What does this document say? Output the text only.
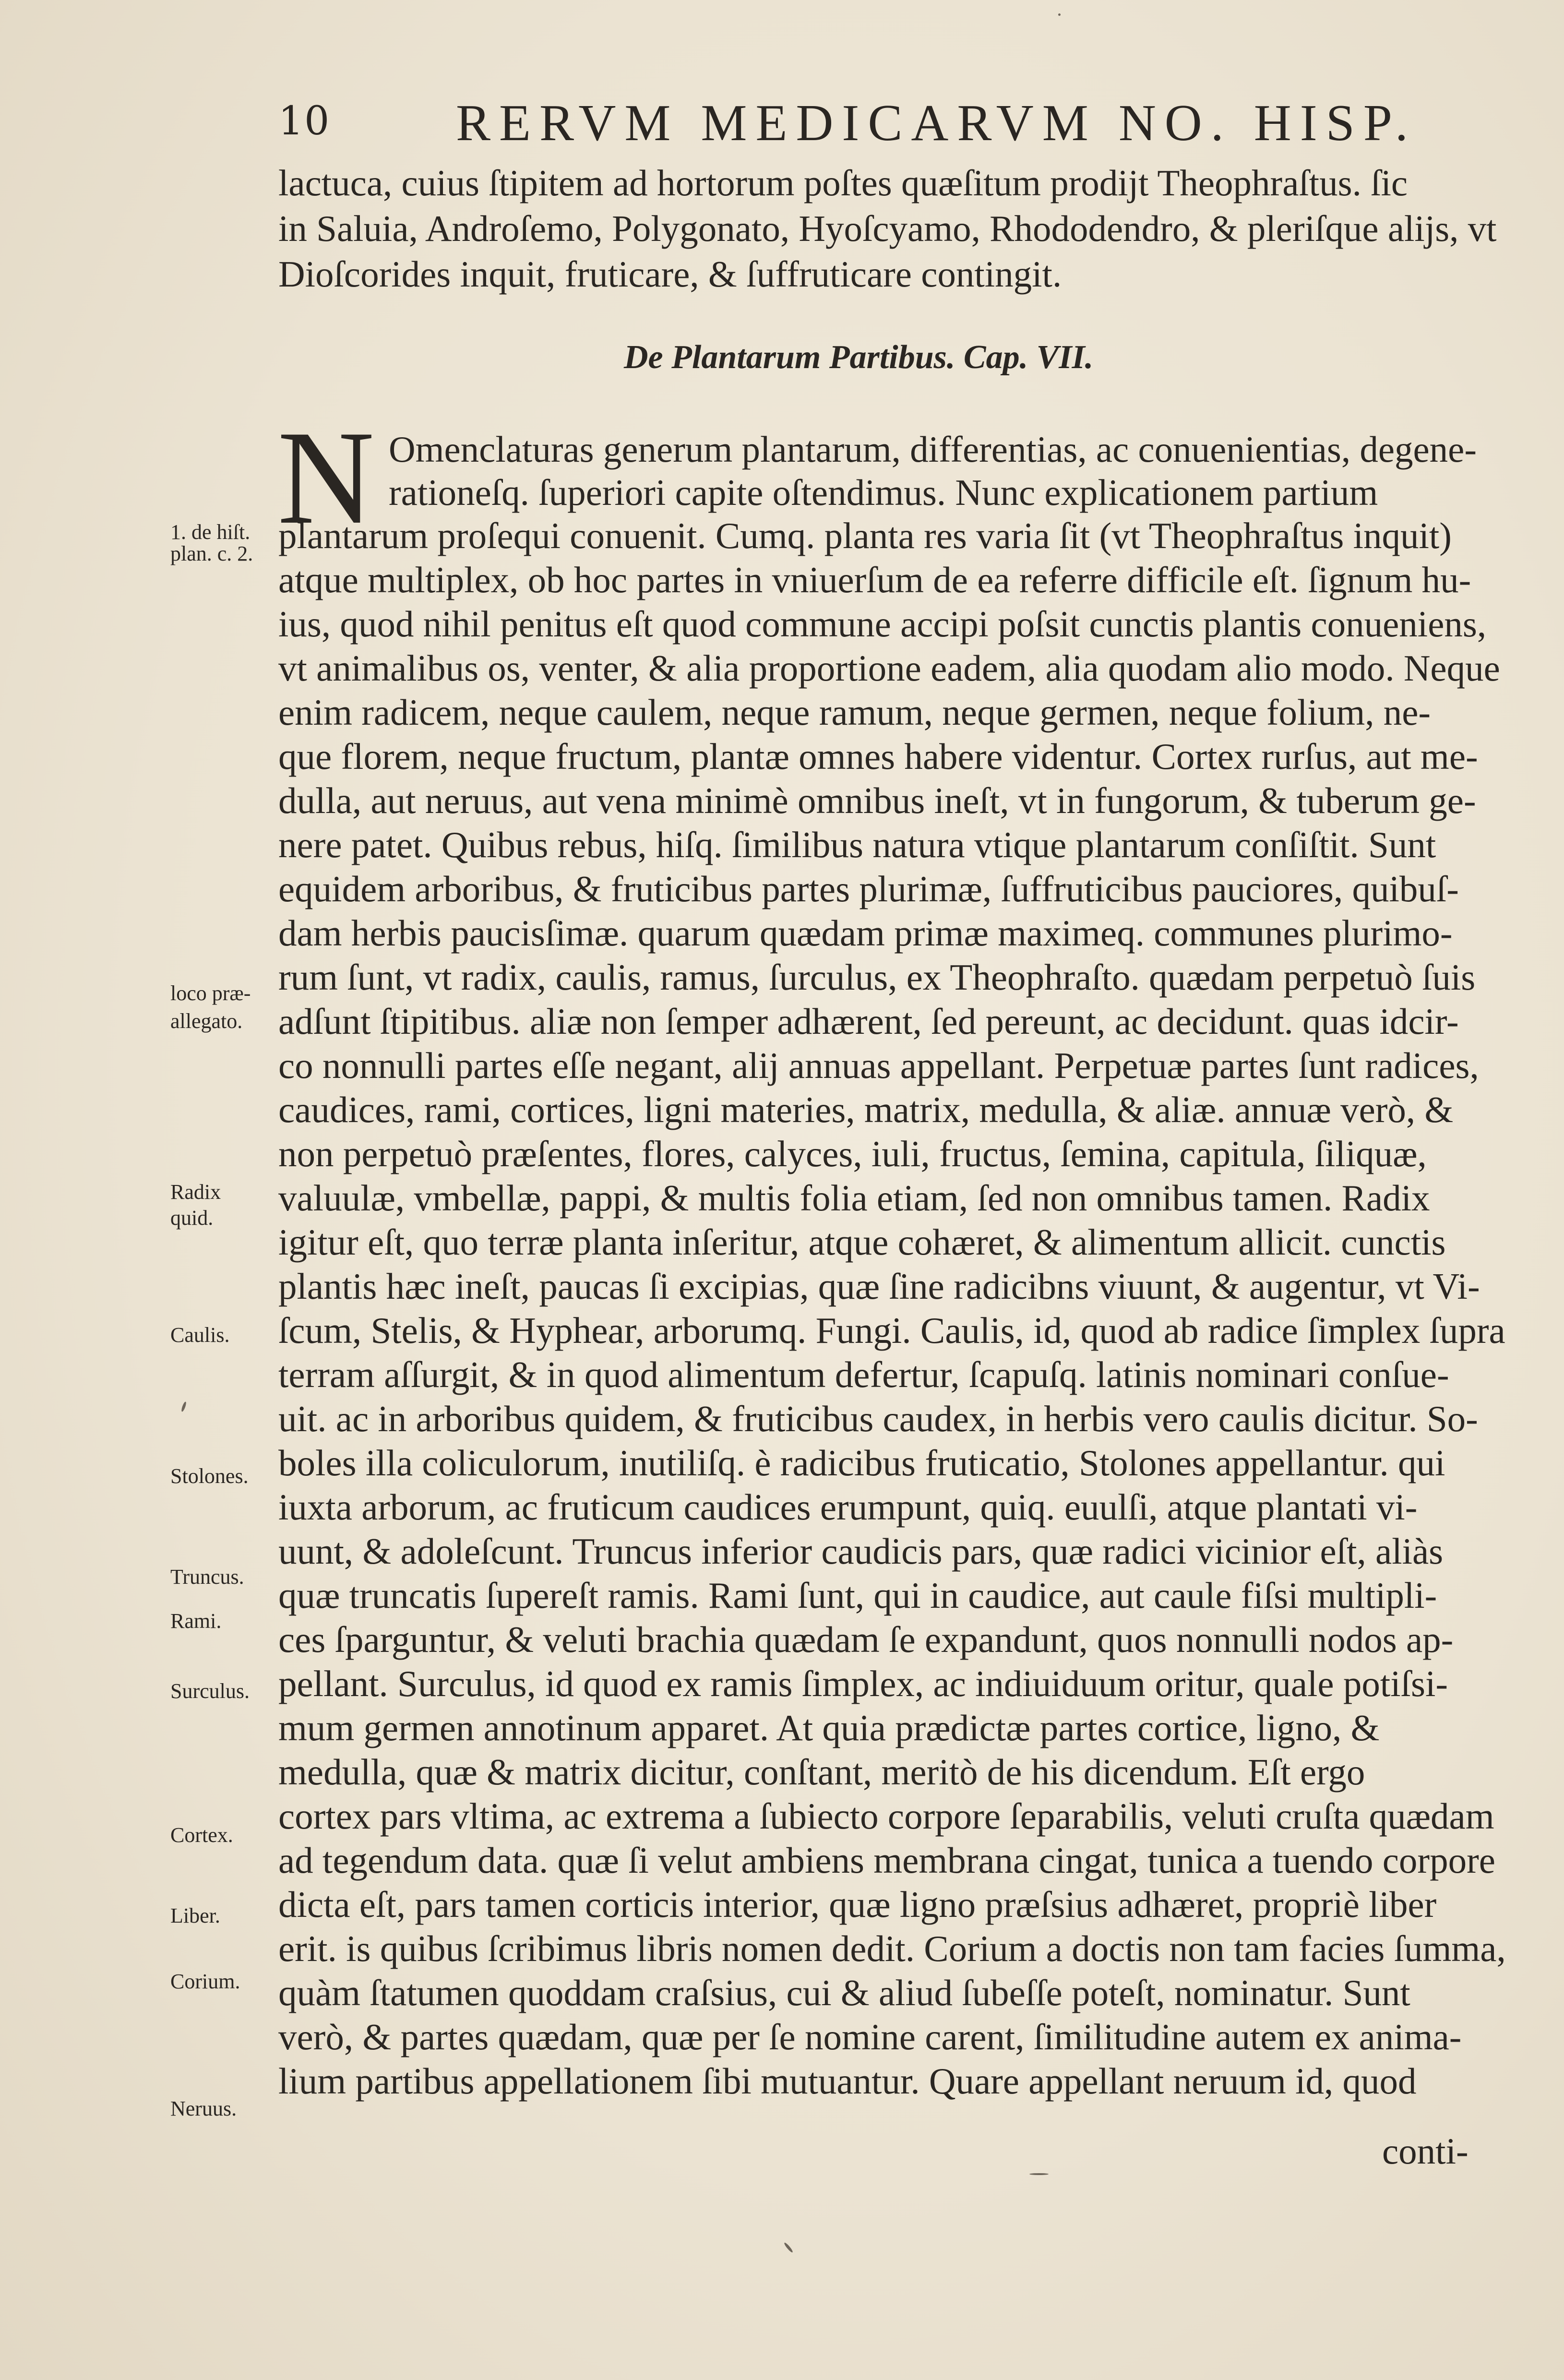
10 RERVM MEDICARVM NO. HISP.
lactuca, cuius ſtipitem ad hortorum poſtes quæſitum prodijt Theophraſtus. ſic
in Saluia, Androſemo, Polygonato, Hyoſcyamo, Rhododendro, & pleriſque alijs, vt
Dioſcorides inquit, fruticare, & ſuffruticare contingit.
De Plantarum Partibus. Cap. VII.
N Omenclaturas generum plantarum, differentias, ac conuenientias, degene-
rationeſq. ſuperiori capite oſtendimus. Nunc explicationem partium
plantarum proſequi conuenit. Cumq. planta res varia ſit (vt Theophraſtus inquit)
atque multiplex, ob hoc partes in vniuerſum de ea referre difficile eſt. ſignum hu-
ius, quod nihil penitus eſt quod commune accipi poſsit cunctis plantis conueniens,
vt animalibus os, venter, & alia proportione eadem, alia quodam alio modo. Neque
enim radicem, neque caulem, neque ramum, neque germen, neque folium, ne-
que florem, neque fructum, plantæ omnes habere videntur. Cortex rurſus, aut me-
dulla, aut neruus, aut vena minimè omnibus ineſt, vt in fungorum, & tuberum ge-
nere patet. Quibus rebus, hiſq. ſimilibus natura vtique plantarum conſiſtit. Sunt
equidem arboribus, & fruticibus partes plurimæ, ſuffruticibus pauciores, quibuſ-
dam herbis paucisſimæ. quarum quædam primæ maximeq. communes plurimo-
rum ſunt, vt radix, caulis, ramus, ſurculus, ex Theophraſto. quædam perpetuò ſuis
adſunt ſtipitibus. aliæ non ſemper adhærent, ſed pereunt, ac decidunt. quas idcir-
co nonnulli partes eſſe negant, alij annuas appellant. Perpetuæ partes ſunt radices,
caudices, rami, cortices, ligni materies, matrix, medulla, & aliæ. annuæ verò, &
non perpetuò præſentes, flores, calyces, iuli, fructus, ſemina, capitula, ſiliquæ,
valuulæ, vmbellæ, pappi, & multis folia etiam, ſed non omnibus tamen. Radix
igitur eſt, quo terræ planta inſeritur, atque cohæret, & alimentum allicit. cunctis
plantis hæc ineſt, paucas ſi excipias, quæ ſine radicibns viuunt, & augentur, vt Vi-
ſcum, Stelis, & Hyphear, arborumq. Fungi. Caulis, id, quod ab radice ſimplex ſupra
terram aſſurgit, & in quod alimentum defertur, ſcapuſq. latinis nominari conſue-
uit. ac in arboribus quidem, & fruticibus caudex, in herbis vero caulis dicitur. So-
boles illa coliculorum, inutiliſq. è radicibus fruticatio, Stolones appellantur. qui
iuxta arborum, ac fruticum caudices erumpunt, quiq. euulſi, atque plantati vi-
uunt, & adoleſcunt. Truncus inferior caudicis pars, quæ radici vicinior eſt, aliàs
quæ truncatis ſupereſt ramis. Rami ſunt, qui in caudice, aut caule fiſsi multipli-
ces ſparguntur, & veluti brachia quædam ſe expandunt, quos nonnulli nodos ap-
pellant. Surculus, id quod ex ramis ſimplex, ac indiuiduum oritur, quale potiſsi-
mum germen annotinum apparet. At quia prædictæ partes cortice, ligno, &
medulla, quæ & matrix dicitur, conſtant, meritò de his dicendum. Eſt ergo
cortex pars vltima, ac extrema a ſubiecto corpore ſeparabilis, veluti cruſta quædam
ad tegendum data. quæ ſi velut ambiens membrana cingat, tunica a tuendo corpore
dicta eſt, pars tamen corticis interior, quæ ligno præſsius adhæret, propriè liber
erit. is quibus ſcribimus libris nomen dedit. Corium a doctis non tam facies ſumma,
quàm ſtatumen quoddam craſsius, cui & aliud ſubeſſe poteſt, nominatur. Sunt
verò, & partes quædam, quæ per ſe nomine carent, ſimilitudine autem ex anima-
lium partibus appellationem ſibi mutuantur. Quare appellant neruum id, quod
conti-
1. de hiſt.
plan. c. 2.
loco præ-
allegato.
Radix
quid.
Caulis.
Stolones.
Truncus.
Rami.
Surculus.
Cortex.
Liber.
Corium.
Neruus.
